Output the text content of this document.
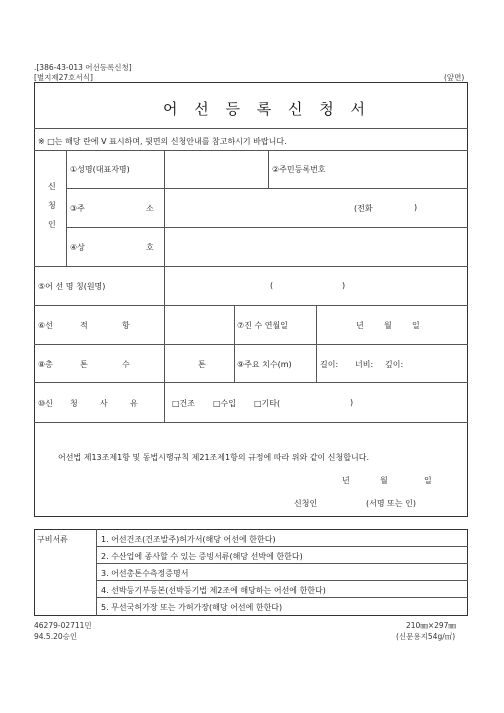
.[386-43-013 어선등록신청]
[별지제27호서식]	(앞면)
어 선 등 록 신 청 서
※ □는 해당 란에 V 표시하며, 뒷면의 신청안내를 참고하시기 바랍니다.
신
청
인
①성명(대표자명)	②주민등록번호
③주	소	(전화	)
④상	호
⑤어 선 명 칭(원명)	(	)
⑥선	적	항	⑦진 수 연월일	년	월	일
⑧총	톤	수	톤	⑨주요 치수(m)	길이: 너비: 깊이:
⑩신 청	사	유	□건조 □수입 □기타(	)
어선법 제13조제1항 및 동법시행규칙 제21조제1항의 규정에 따라 위와 같이 신청합니다.
년	월	일
신청인	(서명 또는 인)
구비서류	1. 어선건조(건조발주)허가서(해당 어선에 한한다)
2. 수산업에 종사할 수 있는 증빙서류(해당 선박에 한한다)
3. 어선총톤수측정증명서
4. 선박등기부등본(선박등기법 제2조에 해당하는 어선에 한한다)
5. 무선국허가장 또는 가허가장(해당 어선에 한한다)
46279-02711민
94.5.20승인
210㎜×297㎜
(신문용지54g/㎡)
